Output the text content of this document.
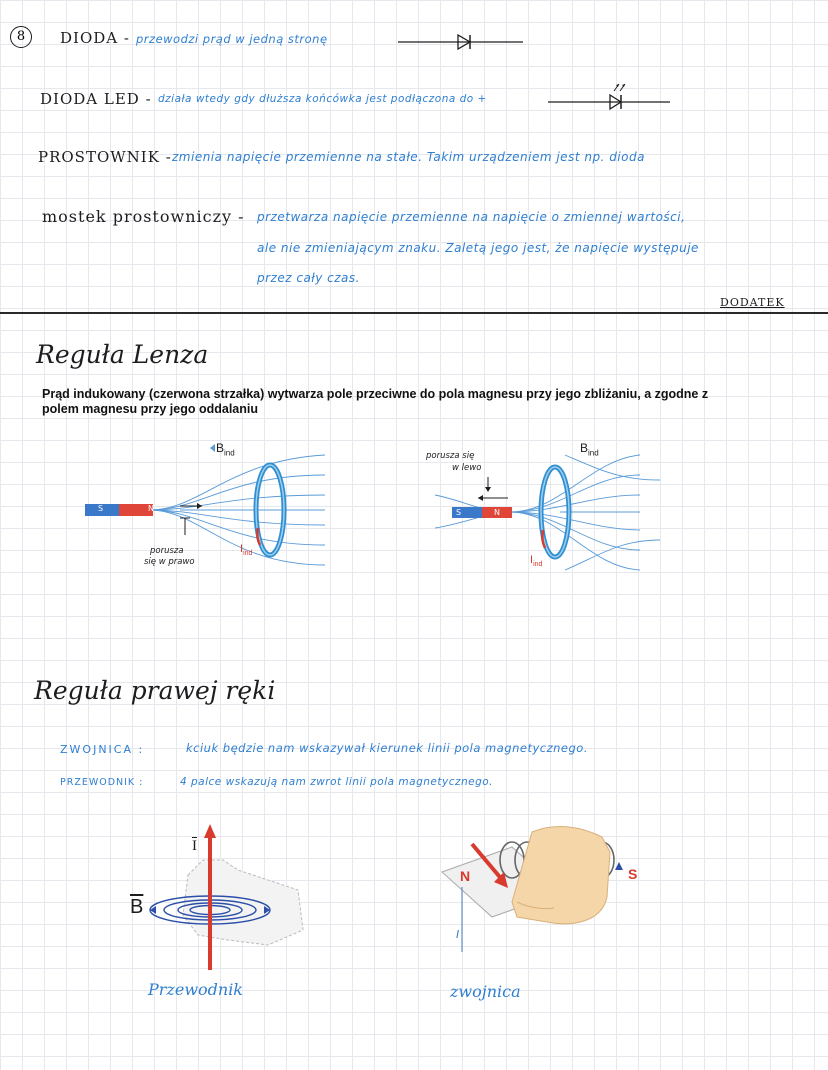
8	DIODA - przewodzi prąd w jedną stronę
DIODA LED - działa wtedy gdy dłuższa końcówka jest podłączona do +
PROSTOWNIK - zmienia napięcie przemienne na stałe. Takim urządzeniem jest np. dioda
mostek prostowniczy - przetwarza napięcie przemienne na napięcie o zmiennej wartości,
ale nie zmieniającym znaku. Zaletą jego jest, że napięcie występuje
przez cały czas.
DODATEK
Reguła Lenza
Prąd indukowany (czerwona strzałka) wytwarza pole przeciwne do pola magnesu przy jego zbliżaniu, a zgodne z
polem magnesu przy jego oddalaniu
S	N
$B_{ind}$
$I_{ind}$
porusza
się w prawo
S	N
$B_{ind}$
$I_{ind}$
porusza się
w lewo
Reguła prawej ręki
ZWOJNICA :	kciuk będzie nam wskazywał kierunek linii pola magnetycznego.
PRZEWODNIK :	4 palce wskazują nam zwrot linii pola magnetycznego.
$\overline{I}$
$\overline{B}$
Przewodnik
N	S
I
zwojnica
